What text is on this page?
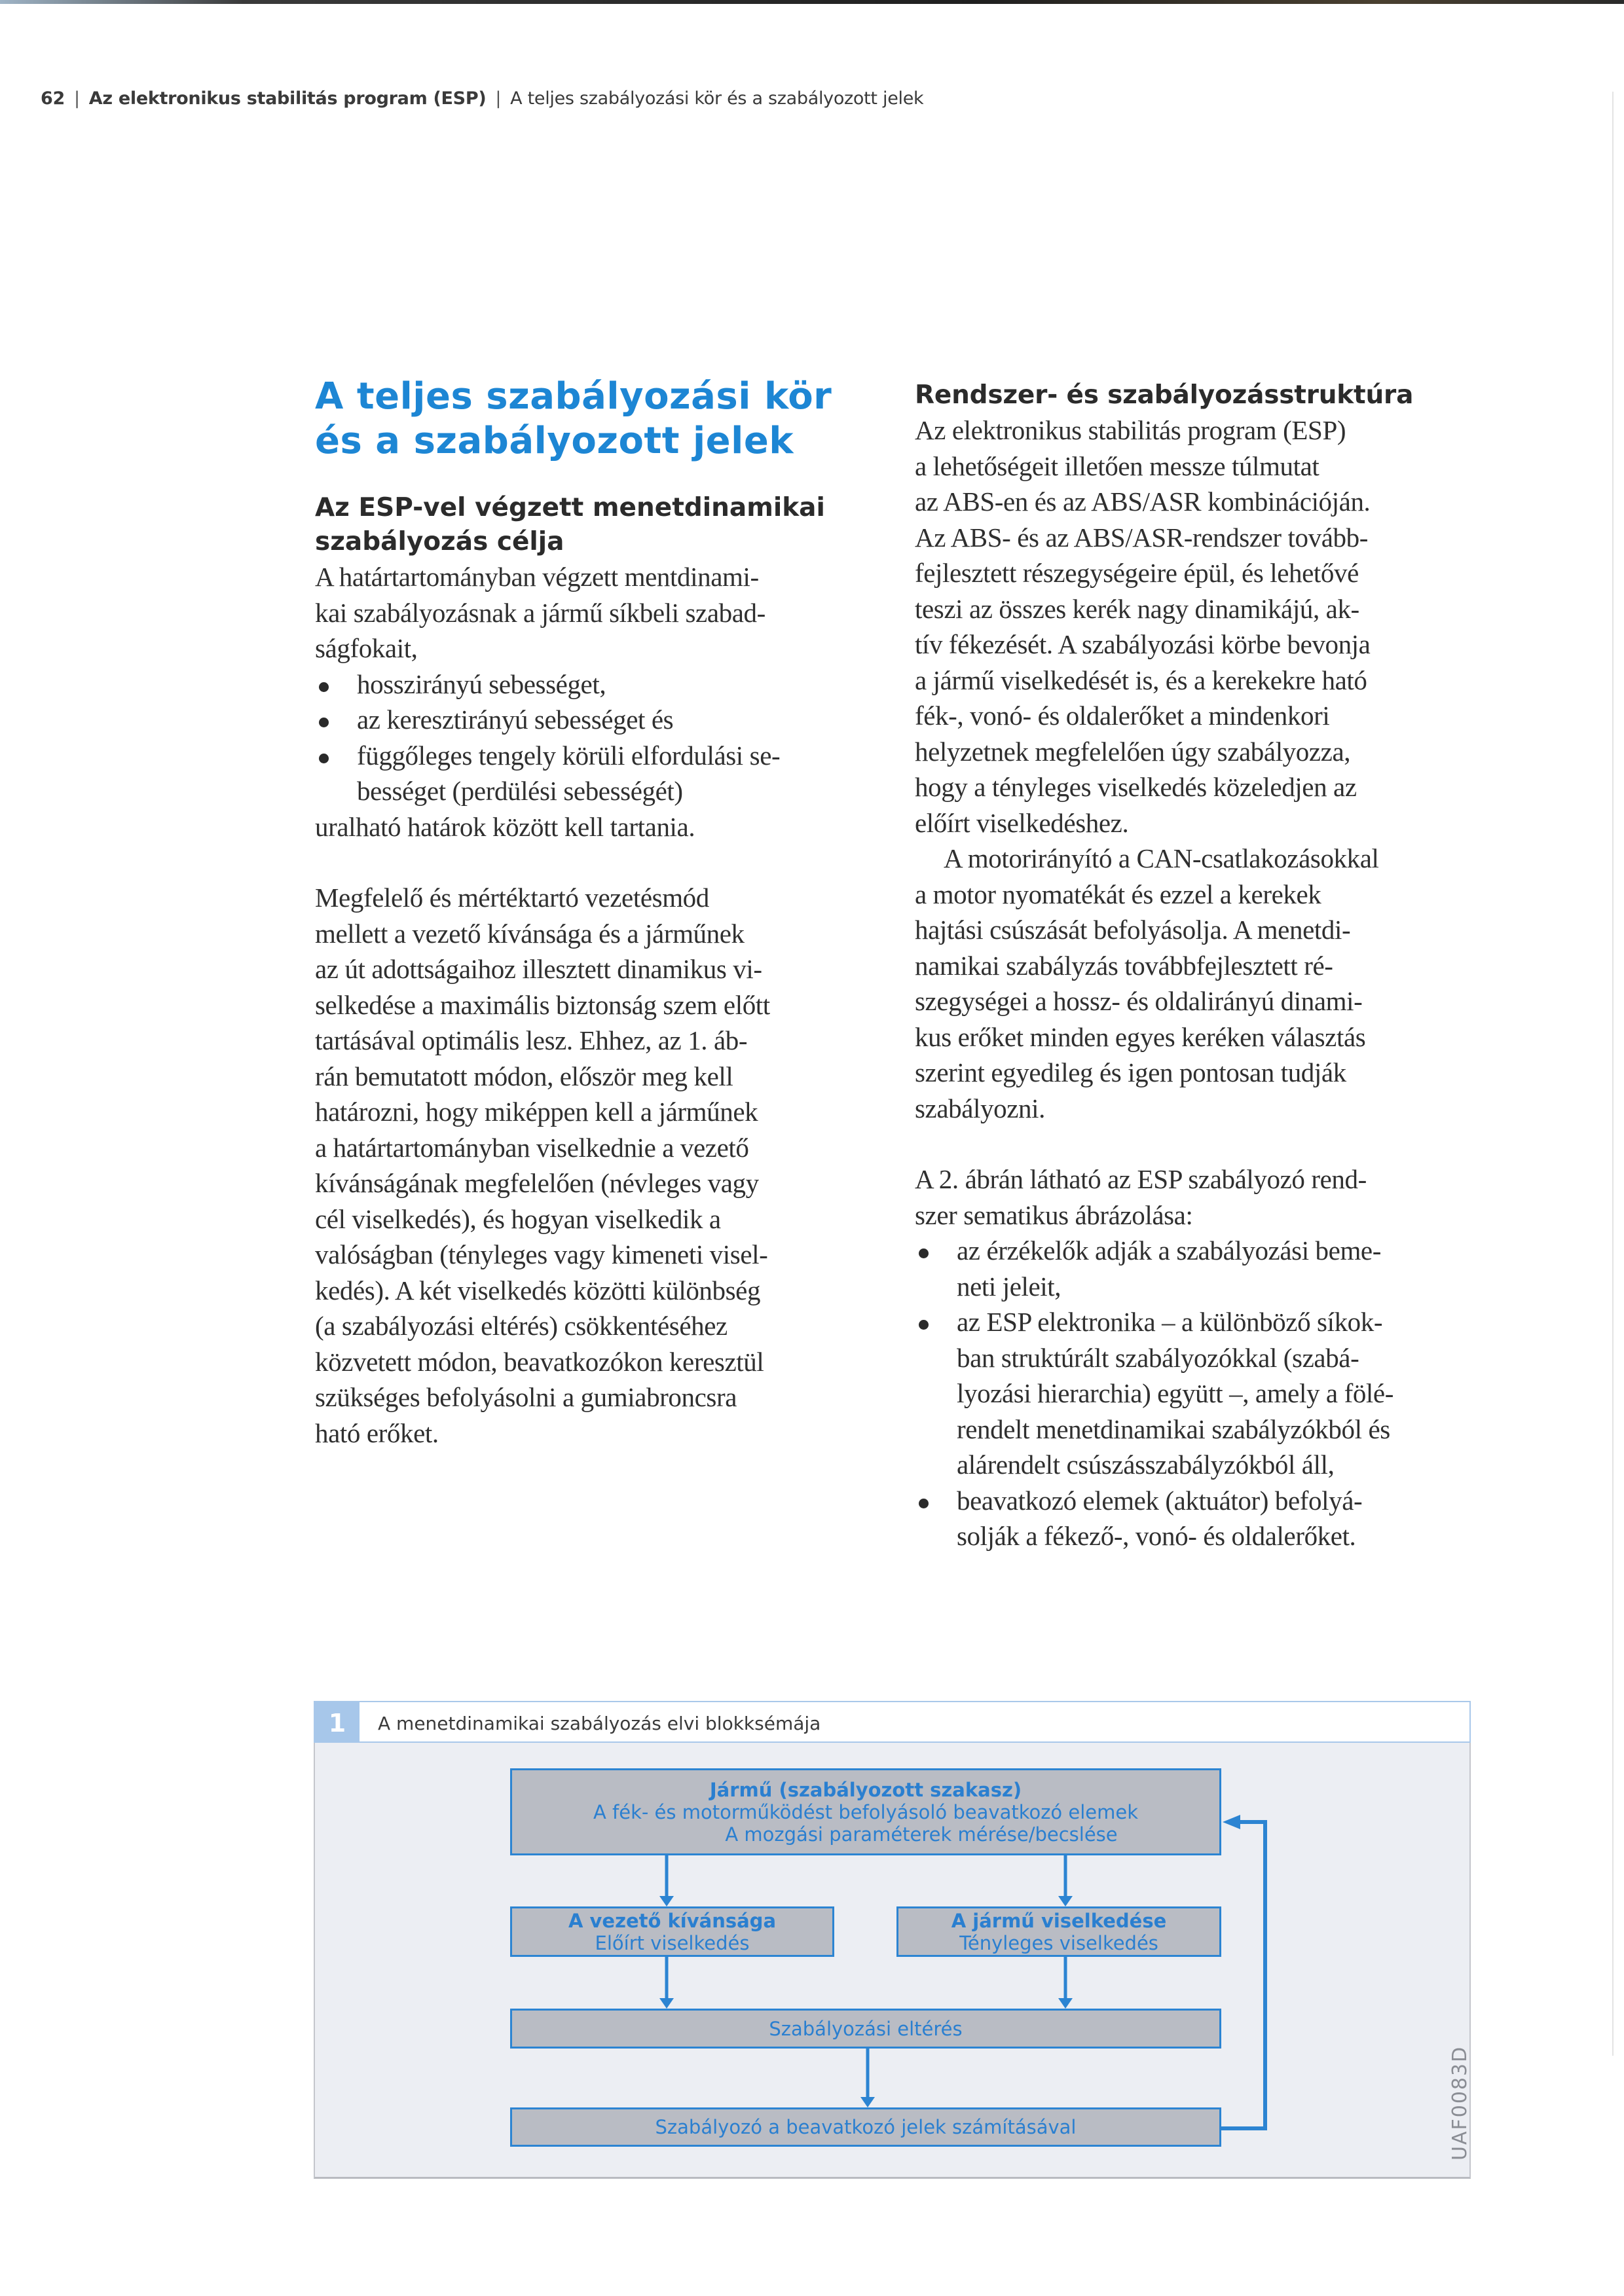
62 | Az elektronikus stabilitás program (ESP) | A teljes szabályozási kör és a szabályozott jelek
A teljes szabályozási kör
és a szabályozott jelek
Az ESP-vel végzett menetdinamikai
szabályozás célja
A határtartományban végzett mentdinami-
kai szabályozásnak a jármű síkbeli szabad-
ságfokait,
hosszirányú sebességet,
az keresztirányú sebességet és
függőleges tengely körüli elfordulási se-
bességet (perdülési sebességét)
uralható határok között kell tartania.
Megfelelő és mértéktartó vezetésmód
mellett a vezető kívánsága és a járműnek
az út adottságaihoz illesztett dinamikus vi-
selkedése a maximális biztonság szem előtt
tartásával optimális lesz. Ehhez, az 1. áb-
rán bemutatott módon, először meg kell
határozni, hogy miképpen kell a járműnek
a határtartományban viselkednie a vezető
kívánságának megfelelően (névleges vagy
cél viselkedés), és hogyan viselkedik a
valóságban (tényleges vagy kimeneti visel-
kedés). A két viselkedés közötti különbség
(a szabályozási eltérés) csökkentéséhez
közvetett módon, beavatkozókon keresztül
szükséges befolyásolni a gumiabroncsra
ható erőket.
Rendszer- és szabályozásstruktúra
Az elektronikus stabilitás program (ESP)
a lehetőségeit illetően messze túlmutat
az ABS-en és az ABS/ASR kombinációján.
Az ABS- és az ABS/ASR-rendszer tovább-
fejlesztett részegységeire épül, és lehetővé
teszi az összes kerék nagy dinamikájú, ak-
tív fékezését. A szabályozási körbe bevonja
a jármű viselkedését is, és a kerekekre ható
fék-, vonó- és oldalerőket a mindenkori
helyzetnek megfelelően úgy szabályozza,
hogy a tényleges viselkedés közeledjen az
előírt viselkedéshez.
A motorirányító a CAN-csatlakozásokkal
a motor nyomatékát és ezzel a kerekek
hajtási csúszását befolyásolja. A menetdi-
namikai szabályzás továbbfejlesztett ré-
szegységei a hossz- és oldalirányú dinami-
kus erőket minden egyes keréken választás
szerint egyedileg és igen pontosan tudják
szabályozni.
A 2. ábrán látható az ESP szabályozó rend-
szer sematikus ábrázolása:
az érzékelők adják a szabályozási beme-
neti jeleit,
az ESP elektronika – a különböző síkok-
ban struktúrált szabályozókkal (szabá-
lyozási hierarchia) együtt –, amely a fölé-
rendelt menetdinamikai szabályzókból és
alárendelt csúszásszabályzókból áll,
beavatkozó elemek (aktuátor) befolyá-
solják a fékező-, vonó- és oldalerőket.
1	A menetdinamikai szabályozás elvi blokksémája
Jármű (szabályozott szakasz)
A fék- és motorműködést befolyásoló beavatkozó elemek
A mozgási paraméterek mérése/becslése
A vezető kívánsága
Előírt viselkedés
A jármű viselkedése
Tényleges viselkedés
Szabályozási eltérés
Szabályozó a beavatkozó jelek számításával	UAF0083D
